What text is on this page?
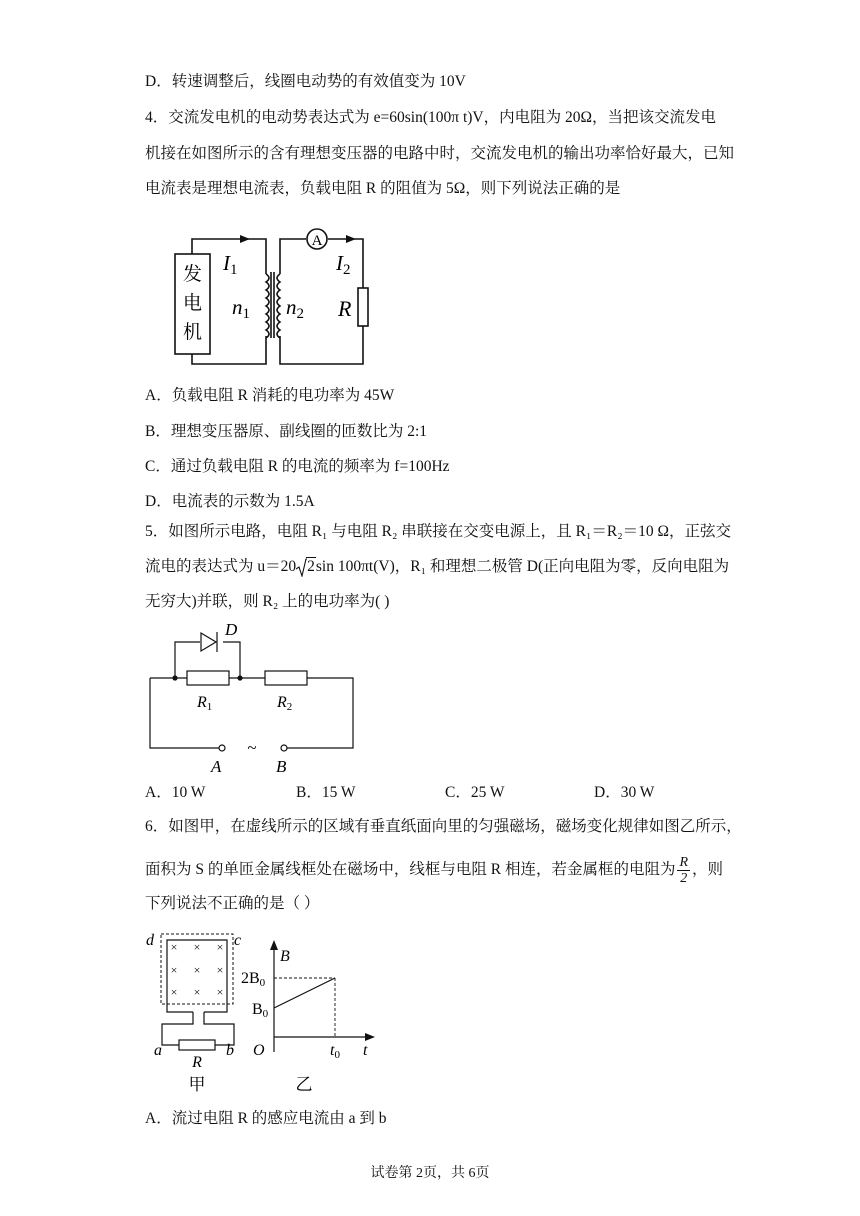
D．转速调整后，线圈电动势的有效值变为 10V
4．交流发电机的电动势表达式为 e=60sin(100π t)V，内电阻为 20Ω，当把该交流发电
机接在如图所示的含有理想变压器的电路中时，交流发电机的输出功率恰好最大，已知
电流表是理想电流表，负载电阻 R 的阻值为 5Ω，则下列说法正确的是
发
电
机
A
I1	I2
n1 n2 R
A．负载电阻 R 消耗的电功率为 45W
B．理想变压器原、副线圈的匝数比为 2:1
C．通过负载电阻 R 的电流的频率为 f=100Hz
D．电流表的示数为 1.5A
5．如图所示电路，电阻 R₁ 与电阻 R₂ 串联接在交变电源上，且 R₁＝R₂＝10 Ω，正弦交
流电的表达式为 u＝20 2sin 100πt(V)，R₁ 和理想二极管 D(正向电阻为零，反向电阻为
无穷大)并联，则 R₂ 上的电功率为( )
D
R1	R2
~
A	B
A．10 W	B．15 W	C．25 W	D．30 W
6．如图甲，在虚线所示的区域有垂直纸面向里的匀强磁场，磁场变化规律如图乙所示，
面积为 S 的单匝金属线框处在磁场中，线框与电阻 R 相连，若金属框的电阻为 $\frac{R}{2}$ ，则
下列说法不正确的是（ ）
× × ×
× × ×
× × ×
d	c
a	b
R
甲
B
2B0
B0
O	t0 t
乙
A．流过电阻 R 的感应电流由 a 到 b
试卷第 2页，共 6页
